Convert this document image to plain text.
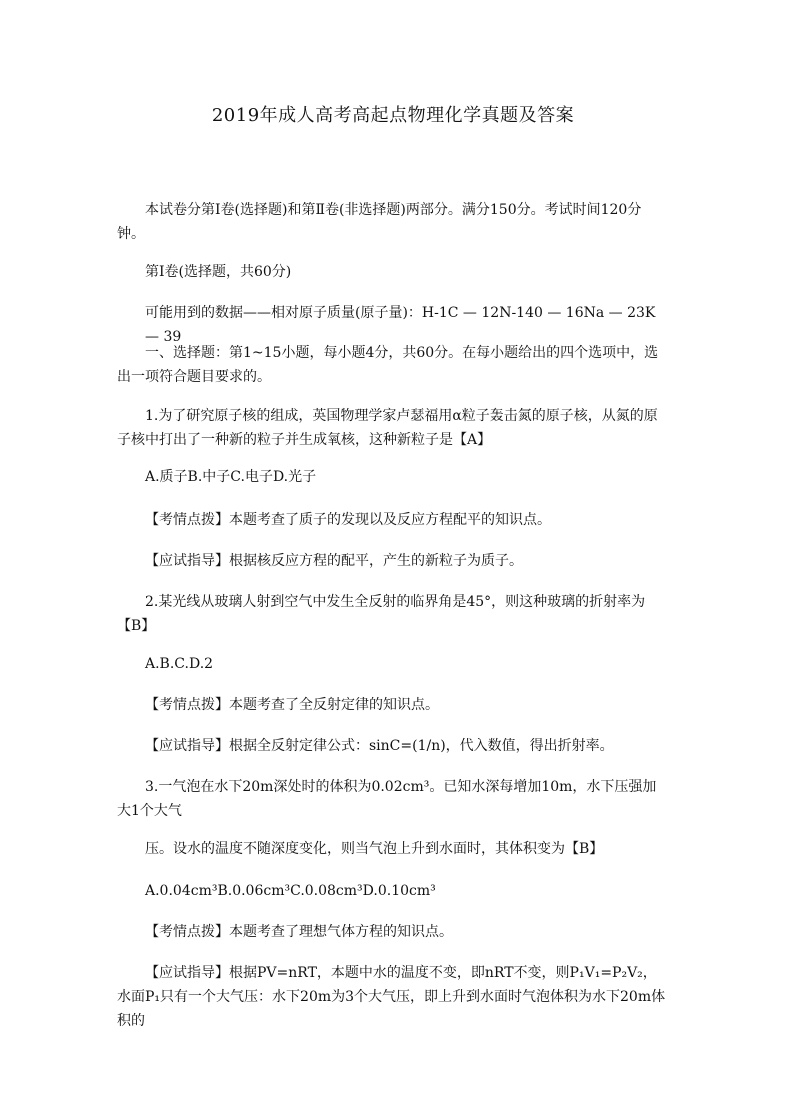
2019年成人高考高起点物理化学真题及答案

本试卷分第Ⅰ卷(选择题)和第Ⅱ卷(非选择题)两部分。满分150分。考试时间120分钟。

第Ⅰ卷(选择题，共60分)

可能用到的数据——相对原子质量(原子量)：H-1C — 12N-140 — 16Na — 23K — 39

一、选择题：第1~15小题，每小题4分，共60分。在每小题给出的四个选项中，选出一项符合题目要求的。

1.为了研究原子核的组成，英国物理学家卢瑟福用α粒子轰击氮的原子核，从氮的原子核中打出了一种新的粒子并生成氧核，这种新粒子是【A】

A.质子B.中子C.电子D.光子

【考情点拨】本题考查了质子的发现以及反应方程配平的知识点。

【应试指导】根据核反应方程的配平，产生的新粒子为质子。

2.某光线从玻璃人射到空气中发生全反射的临界角是45°，则这种玻璃的折射率为【B】

A.B.C.D.2

【考情点拨】本题考查了全反射定律的知识点。

【应试指导】根据全反射定律公式：sinC=(1/n)，代入数值，得出折射率。

3.一气泡在水下20m深处时的体积为0.02cm³。已知水深每增加10m，水下压强加大1个大气

压。设水的温度不随深度变化，则当气泡上升到水面时，其体积变为【B】

A.0.04cm³B.0.06cm³C.0.08cm³D.0.10cm³

【考情点拨】本题考查了理想气体方程的知识点。

【应试指导】根据PV=nRT，本题中水的温度不变，即nRT不变，则P₁V₁=P₂V₂，水面P₁只有一个大气压：水下20m为3个大气压，即上升到水面时气泡体积为水下20m体积的
